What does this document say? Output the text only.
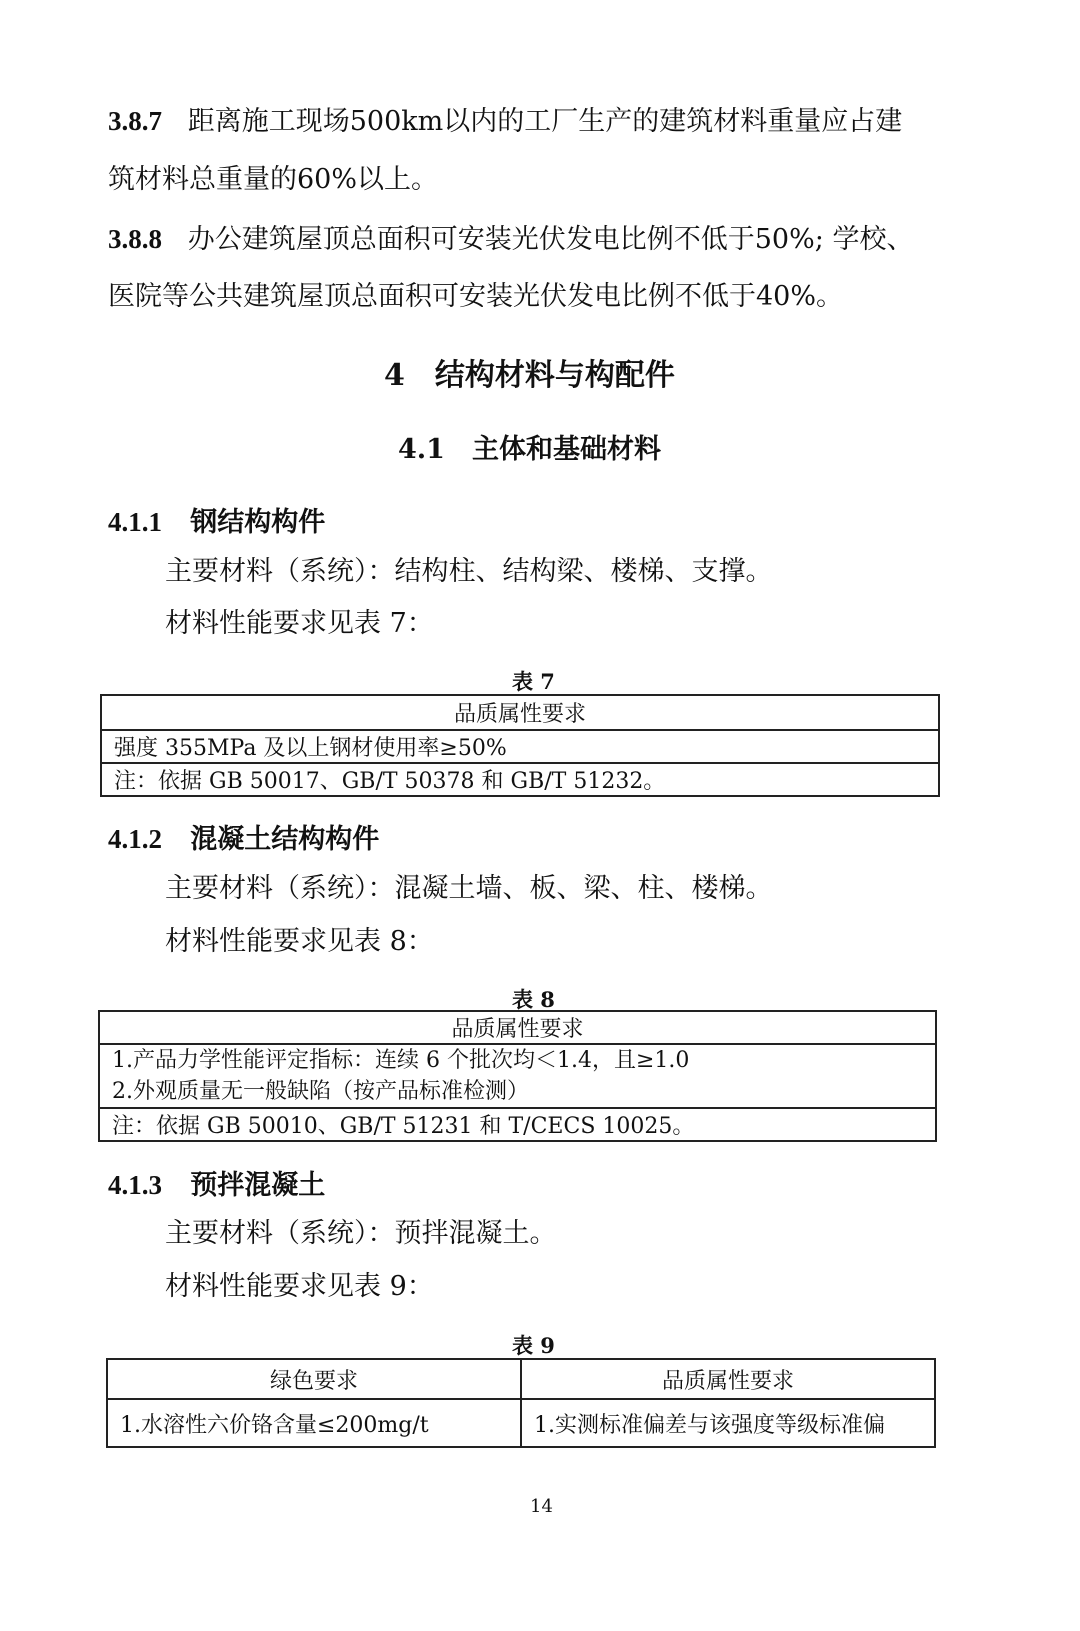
3.8.7 距离施工现场500km以内的工厂生产的建筑材料重量应占建
筑材料总重量的60%以上。
3.8.8 办公建筑屋顶总面积可安装光伏发电比例不低于50%; 学校、
医院等公共建筑屋顶总面积可安装光伏发电比例不低于40%。
4　结构材料与构配件
4.1　主体和基础材料
4.1.1 钢结构构件
主要材料（系统）：结构柱、结构梁、楼梯、支撑。
材料性能要求见表 7：
表 7
品质属性要求
强度 355MPa 及以上钢材使用率≥50%
注：依据 GB 50017、GB/T 50378 和 GB/T 51232。
4.1.2 混凝土结构构件
主要材料（系统）：混凝土墙、板、梁、柱、楼梯。
材料性能要求见表 8：
表 8
品质属性要求

1.产品力学性能评定指标：连续 6 个批次均＜1.4，且≥1.0
2.外观质量无一般缺陷（按产品标准检测）

注：依据 GB 50010、GB/T 51231 和 T/CECS 10025。
4.1.3 预拌混凝土
主要材料（系统）：预拌混凝土。
材料性能要求见表 9：
表 9
绿色要求	品质属性要求
1.水溶性六价铬含量≤200mg/t	1.实测标准偏差与该强度等级标准偏
14
